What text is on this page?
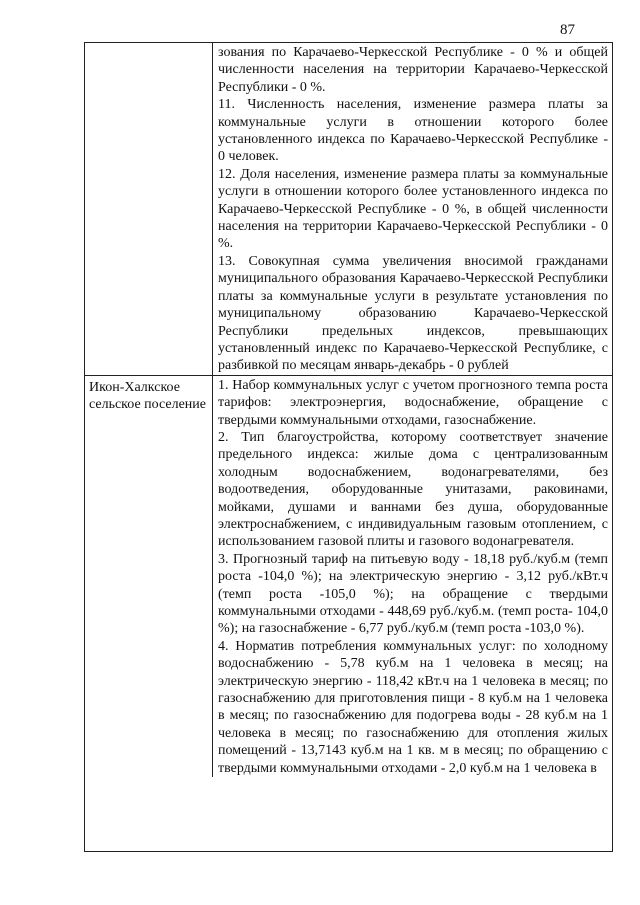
87

зования по Карачаево-Черкесской Республике - 0 % и общей численности населения на территории Карачаево-Черкесской Республики - 0 %.

11. Численность населения, изменение размера платы за коммунальные услуги в отношении которого более установленного индекса по Карачаево-Черкесской Республике - 0 человек.

12. Доля населения, изменение размера платы за коммунальные услуги в отношении которого более установленного индекса по Карачаево-Черкесской Республике - 0 %, в общей численности населения на территории Карачаево-Черкесской Республики - 0 %.

13. Совокупная сумма увеличения вносимой гражданами муниципального образования Карачаево-Черкесской Республики платы за коммунальные услуги в результате установления по муниципальному образованию Карачаево-Черкесской Республики предельных индексов, превышающих установленный индекс по Карачаево-Черкесской Республике, с разбивкой по месяцам январь-декабрь - 0 рублей

Икон-Халкское сельское поселение

1. Набор коммунальных услуг с учетом прогнозного темпа роста тарифов: электроэнергия, водоснабжение, обращение с твердыми коммунальными отходами, газоснабжение.

2. Тип благоустройства, которому соответствует значение предельного индекса: жилые дома с централизованным холодным водоснабжением, водонагревателями, без водоотведения, оборудованные унитазами, раковинами, мойками, душами и ваннами без душа, оборудованные электроснабжением, с индивидуальным газовым отоплением, с использованием газовой плиты и газового водонагревателя.

3. Прогнозный тариф на питьевую воду - 18,18 руб./куб.м (темп роста -104,0 %); на электрическую энергию - 3,12 руб./кВт.ч (темп роста -105,0 %); на обращение с твердыми коммунальными отходами - 448,69 руб./куб.м. (темп роста- 104,0 %); на газоснабжение - 6,77 руб./куб.м (темп роста -103,0 %).

4. Норматив потребления коммунальных услуг: по холодному водоснабжению - 5,78 куб.м на 1 человека в месяц; на электрическую энергию - 118,42 кВт.ч на 1 человека в месяц; по газоснабжению для приготовления пищи - 8 куб.м на 1 человека в месяц; по газоснабжению для подогрева воды - 28 куб.м на 1 человека в месяц; по газоснабжению для отопления жилых помещений - 13,7143 куб.м на 1 кв. м в месяц; по обращению с твердыми коммунальными отходами - 2,0 куб.м на 1 человека в
